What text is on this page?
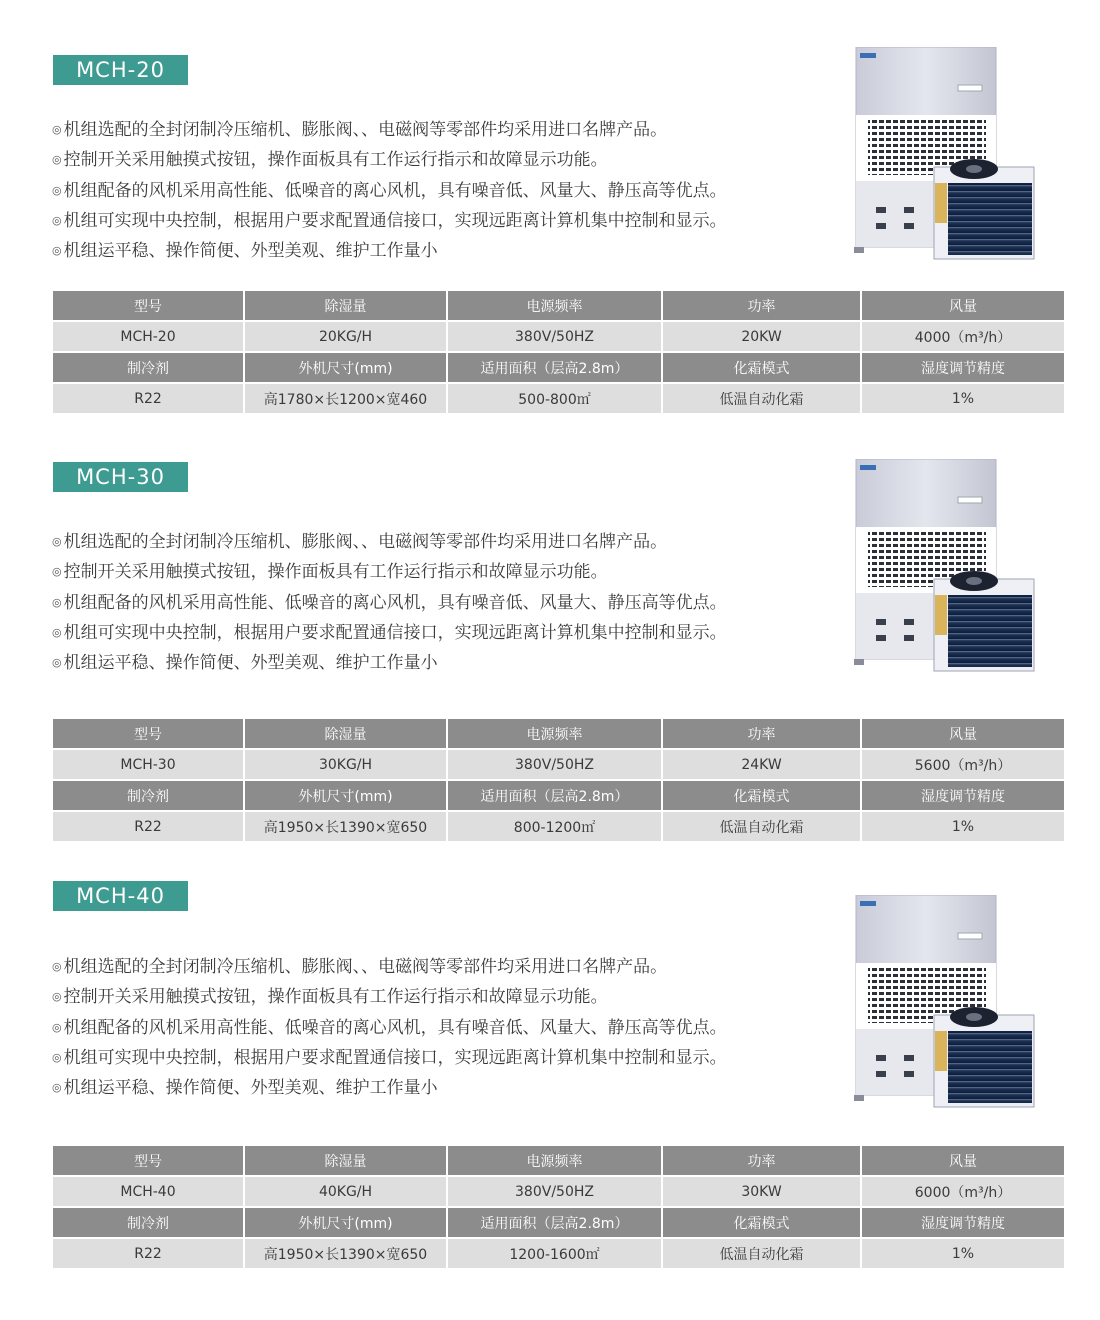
MCH-20
◎ 机组选配的全封闭制冷压缩机、膨胀阀、、电磁阀等零部件均采用进口名牌产品。
◎ 控制开关采用触摸式按钮，操作面板具有工作运行指示和故障显示功能。
◎ 机组配备的风机采用高性能、低噪音的离心风机，具有噪音低、风量大、静压高等优点。
◎ 机组可实现中央控制，根据用户要求配置通信接口，实现远距离计算机集中控制和显示。
◎ 机组运平稳、操作简便、外型美观、维护工作量小
型号	除湿量	电源频率	功率	风量
MCH-20	20KG/H	380V/50HZ	20KW	4000（m³/h）
制冷剂	外机尺寸(mm)	适用面积（层高2.8m）	化霜模式	湿度调节精度
R22	高1780×长1200×宽460	500-800㎡	低温自动化霜	1%
MCH-30
◎ 机组选配的全封闭制冷压缩机、膨胀阀、、电磁阀等零部件均采用进口名牌产品。
◎ 控制开关采用触摸式按钮，操作面板具有工作运行指示和故障显示功能。
◎ 机组配备的风机采用高性能、低噪音的离心风机，具有噪音低、风量大、静压高等优点。
◎ 机组可实现中央控制，根据用户要求配置通信接口，实现远距离计算机集中控制和显示。
◎ 机组运平稳、操作简便、外型美观、维护工作量小
型号	除湿量	电源频率	功率	风量
MCH-30	30KG/H	380V/50HZ	24KW	5600（m³/h）
制冷剂	外机尺寸(mm)	适用面积（层高2.8m）	化霜模式	湿度调节精度
R22	高1950×长1390×宽650	800-1200㎡	低温自动化霜	1%
MCH-40
◎ 机组选配的全封闭制冷压缩机、膨胀阀、、电磁阀等零部件均采用进口名牌产品。
◎ 控制开关采用触摸式按钮，操作面板具有工作运行指示和故障显示功能。
◎ 机组配备的风机采用高性能、低噪音的离心风机，具有噪音低、风量大、静压高等优点。
◎ 机组可实现中央控制，根据用户要求配置通信接口，实现远距离计算机集中控制和显示。
◎ 机组运平稳、操作简便、外型美观、维护工作量小
型号	除湿量	电源频率	功率	风量
MCH-40	40KG/H	380V/50HZ	30KW	6000（m³/h）
制冷剂	外机尺寸(mm)	适用面积（层高2.8m）	化霜模式	湿度调节精度
R22	高1950×长1390×宽650	1200-1600㎡	低温自动化霜	1%
